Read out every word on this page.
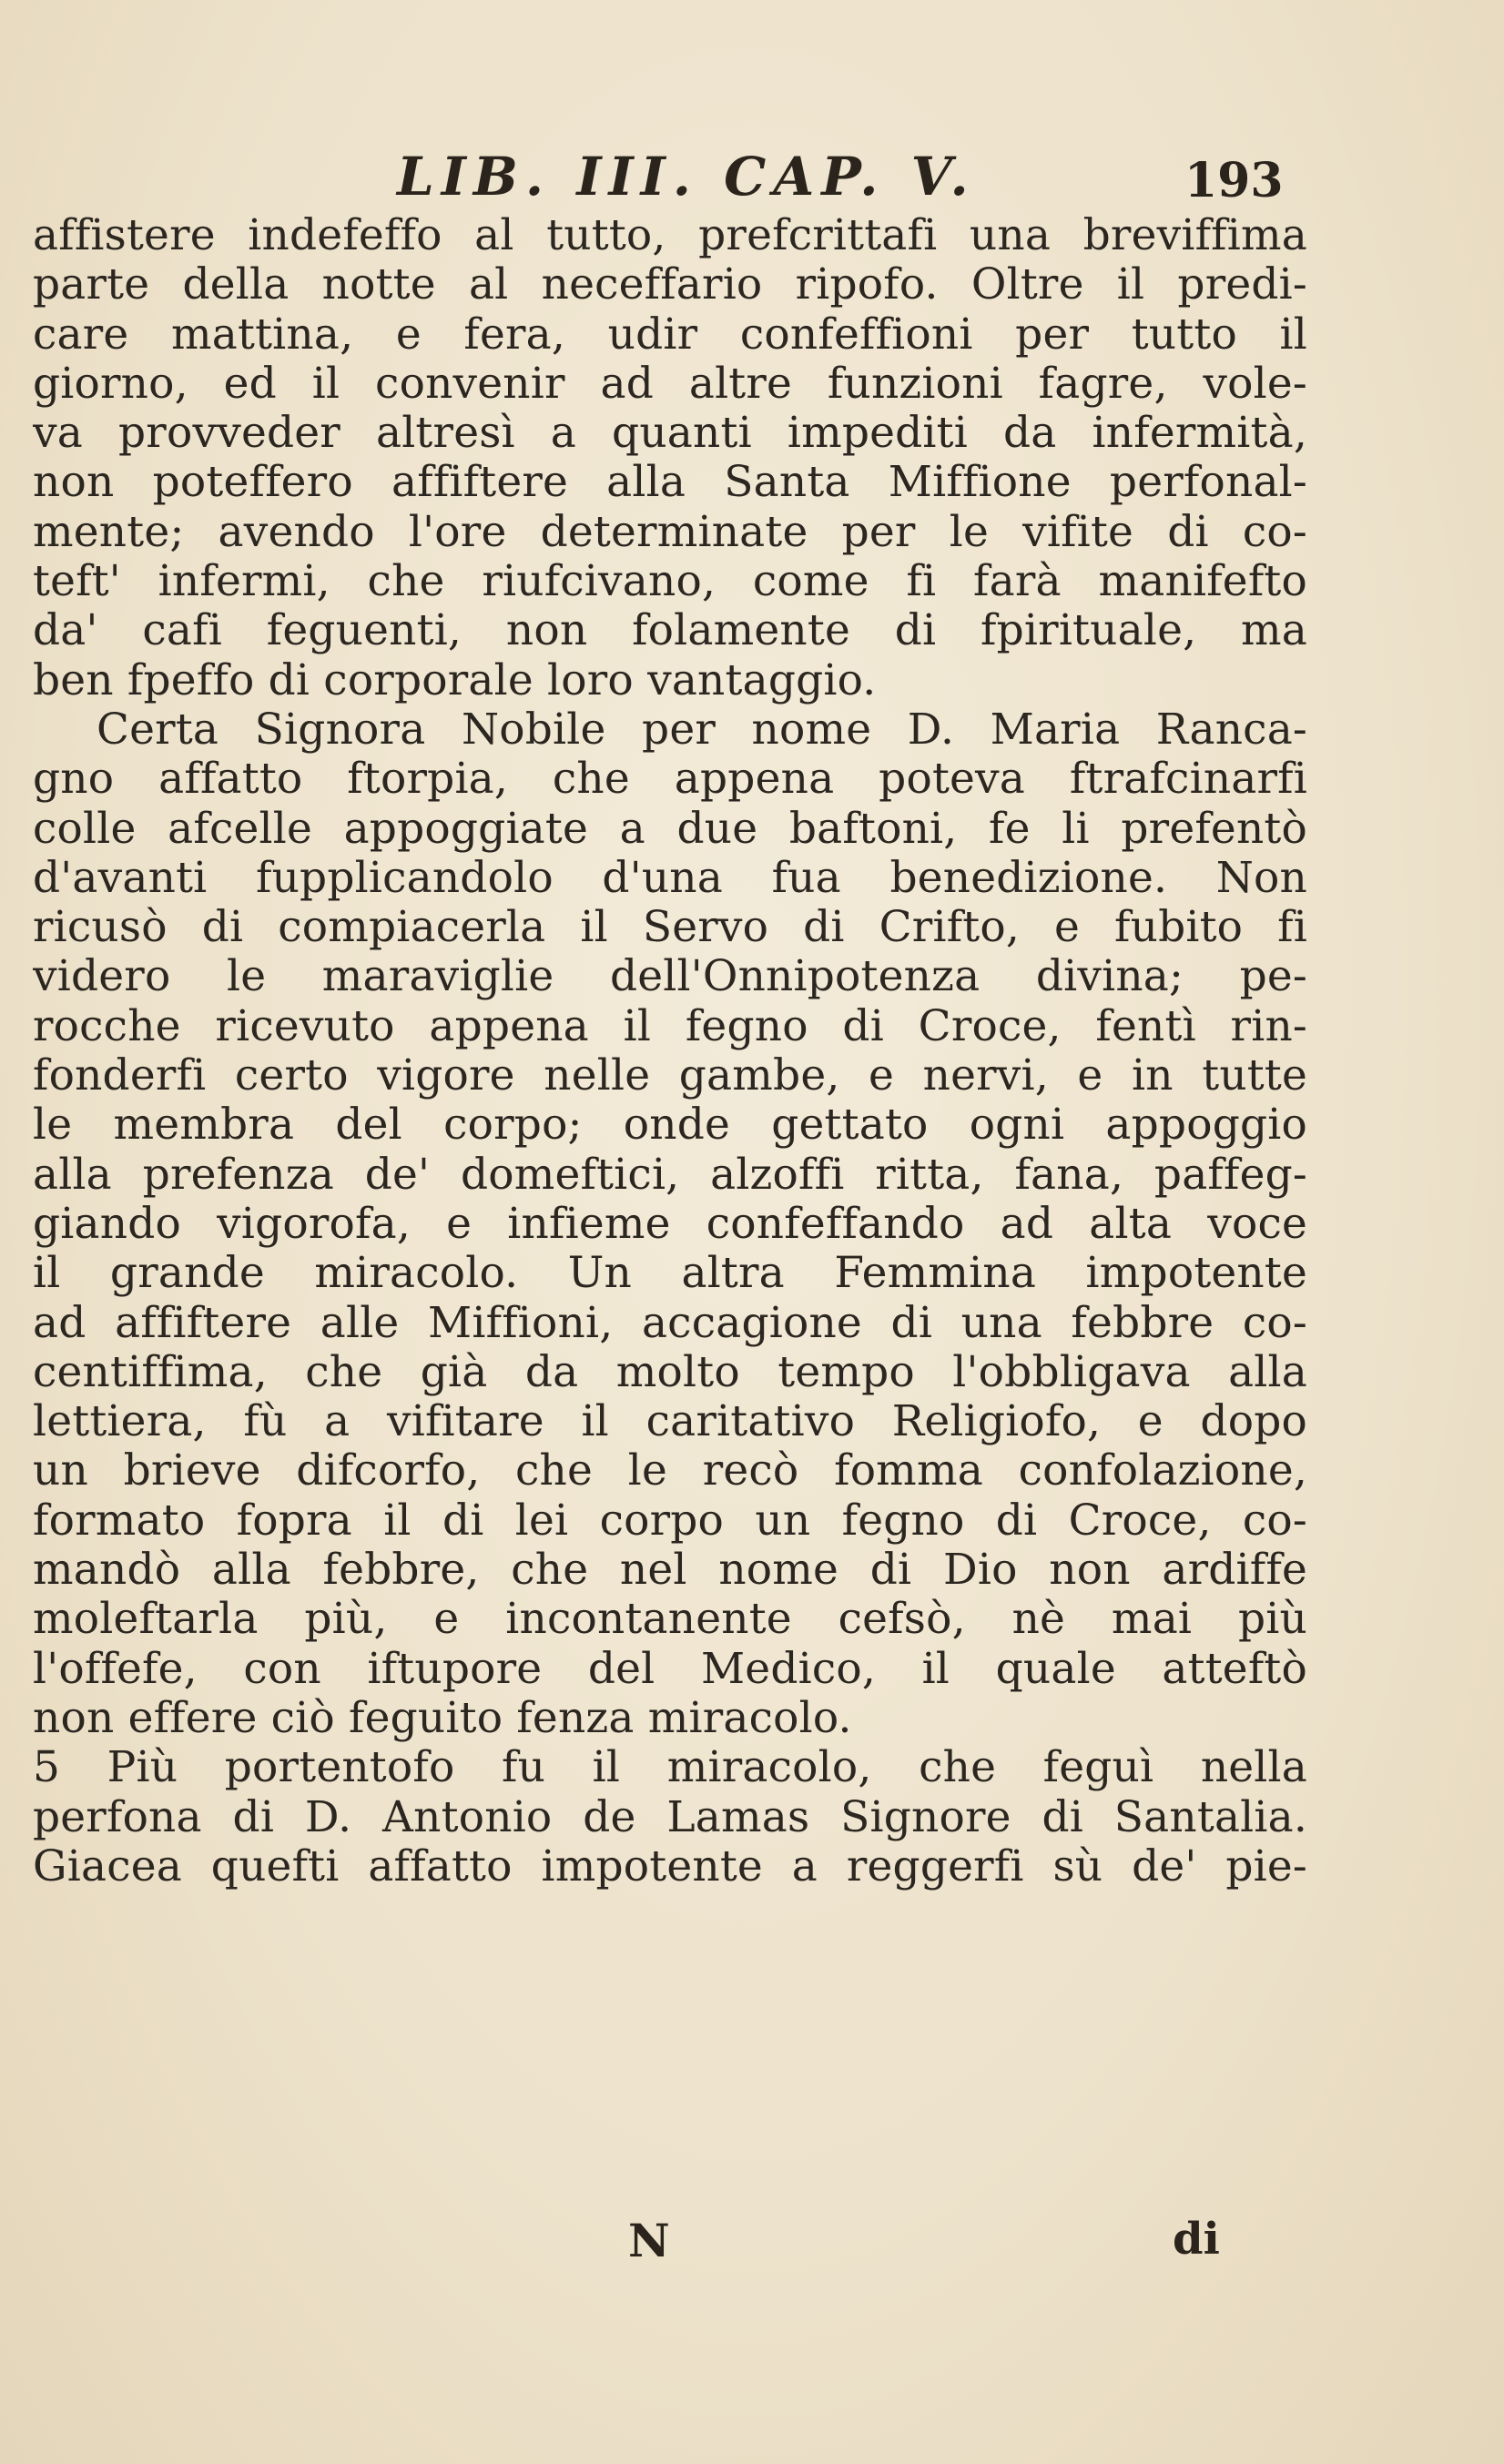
LIB. III. CAP. V.	193
affistere indefeffo al tutto, prefcrittafi una breviffima
parte della notte al neceffario ripofo. Oltre il predi-
care mattina, e fera, udir confeffioni per tutto il
giorno, ed il convenir ad altre funzioni fagre, vole-
va provveder altresì a quanti impediti da infermità,
non poteffero affiftere alla Santa Miffione perfonal-
mente; avendo l'ore determinate per le vifite di co-
teft' infermi, che riufcivano, come fi farà manifefto
da' cafi feguenti, non folamente di fpirituale, ma
ben fpeffo di corporale loro vantaggio.
Certa Signora Nobile per nome D. Maria Ranca-
gno affatto ftorpia, che appena poteva ftrafcinarfi
colle afcelle appoggiate a due baftoni, fe li prefentò
d'avanti fupplicandolo d'una fua benedizione. Non
ricusò di compiacerla il Servo di Crifto, e fubito fi
videro le maraviglie dell'Onnipotenza divina; pe-
rocche ricevuto appena il fegno di Croce, fentì rin-
fonderfi certo vigore nelle gambe, e nervi, e in tutte
le membra del corpo; onde gettato ogni appoggio
alla prefenza de' domeftici, alzoffi ritta, fana, paffeg-
giando vigorofa, e infieme confeffando ad alta voce
il grande miracolo. Un altra Femmina impotente
ad affiftere alle Miffioni, accagione di una febbre co-
centiffima, che già da molto tempo l'obbligava alla
lettiera, fù a vifitare il caritativo Religiofo, e dopo
un brieve difcorfo, che le recò fomma confolazione,
formato fopra il di lei corpo un fegno di Croce, co-
mandò alla febbre, che nel nome di Dio non ardiffe
moleftarla più, e incontanente cefsò, nè mai più
l'offefe, con iftupore del Medico, il quale atteftò
non effere ciò feguito fenza miracolo.
5 Più portentofo fu il miracolo, che feguì nella
perfona di D. Antonio de Lamas Signore di Santalia.
Giacea quefti affatto impotente a reggerfi sù de' pie-
N	di
